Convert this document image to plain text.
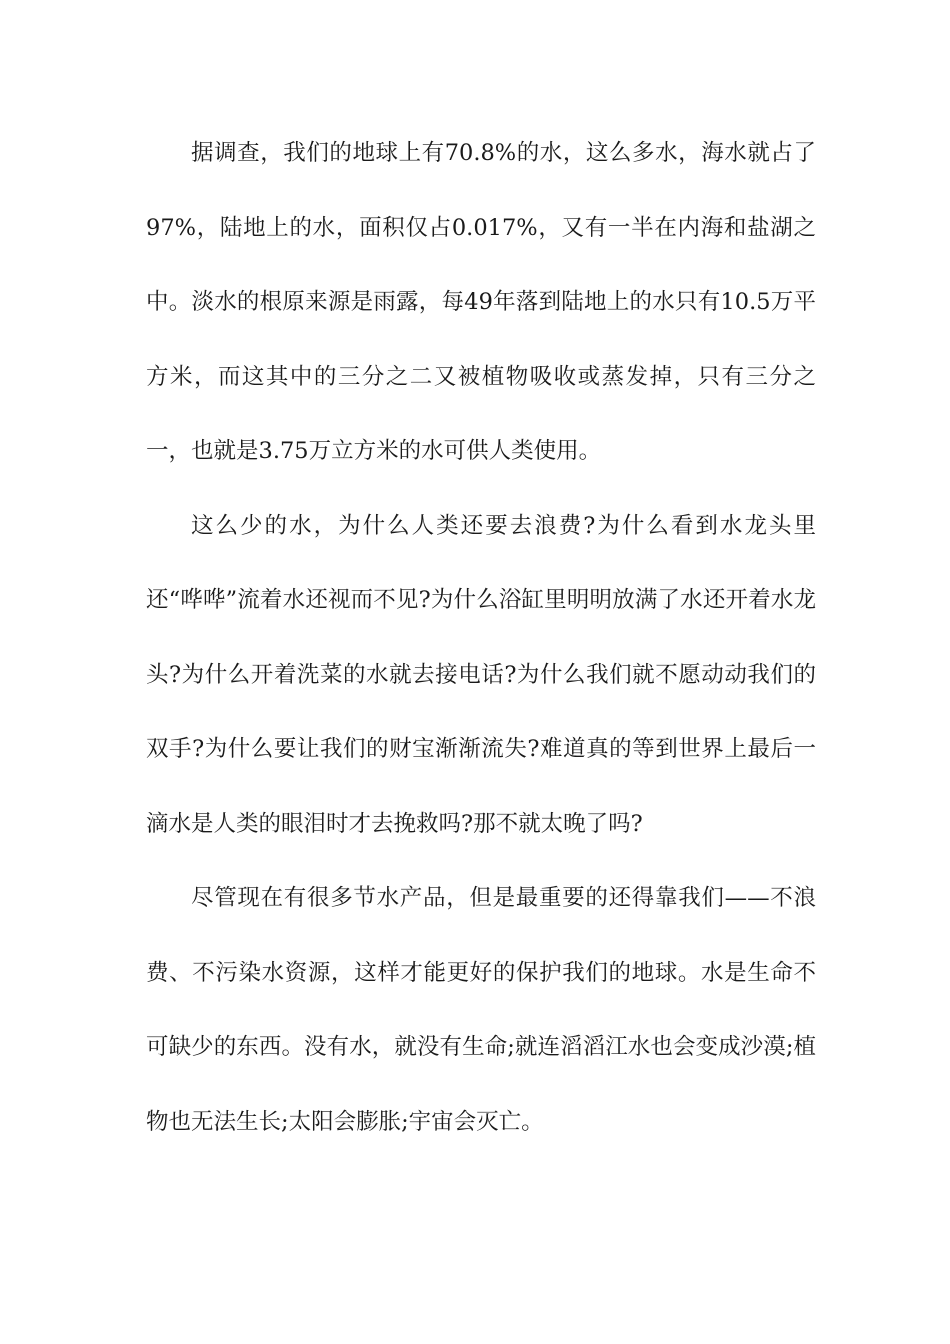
据调查，我们的地球上有70.8%的水，这么多水，海水就占了97%，陆地上的水，面积仅占0.017%，又有一半在内海和盐湖之中。淡水的根原来源是雨露，每49年落到陆地上的水只有10.5万平方米，而这其中的三分之二又被植物吸收或蒸发掉，只有三分之一，也就是3.75万立方米的水可供人类使用。

这么少的水，为什么人类还要去浪费?为什么看到水龙头里还“哗哗”流着水还视而不见?为什么浴缸里明明放满了水还开着水龙头?为什么开着洗菜的水就去接电话?为什么我们就不愿动动我们的双手?为什么要让我们的财宝渐渐流失?难道真的等到世界上最后一滴水是人类的眼泪时才去挽救吗?那不就太晚了吗?

尽管现在有很多节水产品，但是最重要的还得靠我们——不浪费、不污染水资源，这样才能更好的保护我们的地球。水是生命不可缺少的东西。没有水，就没有生命;就连滔滔江水也会变成沙漠;植物也无法生长;太阳会膨胀;宇宙会灭亡。
